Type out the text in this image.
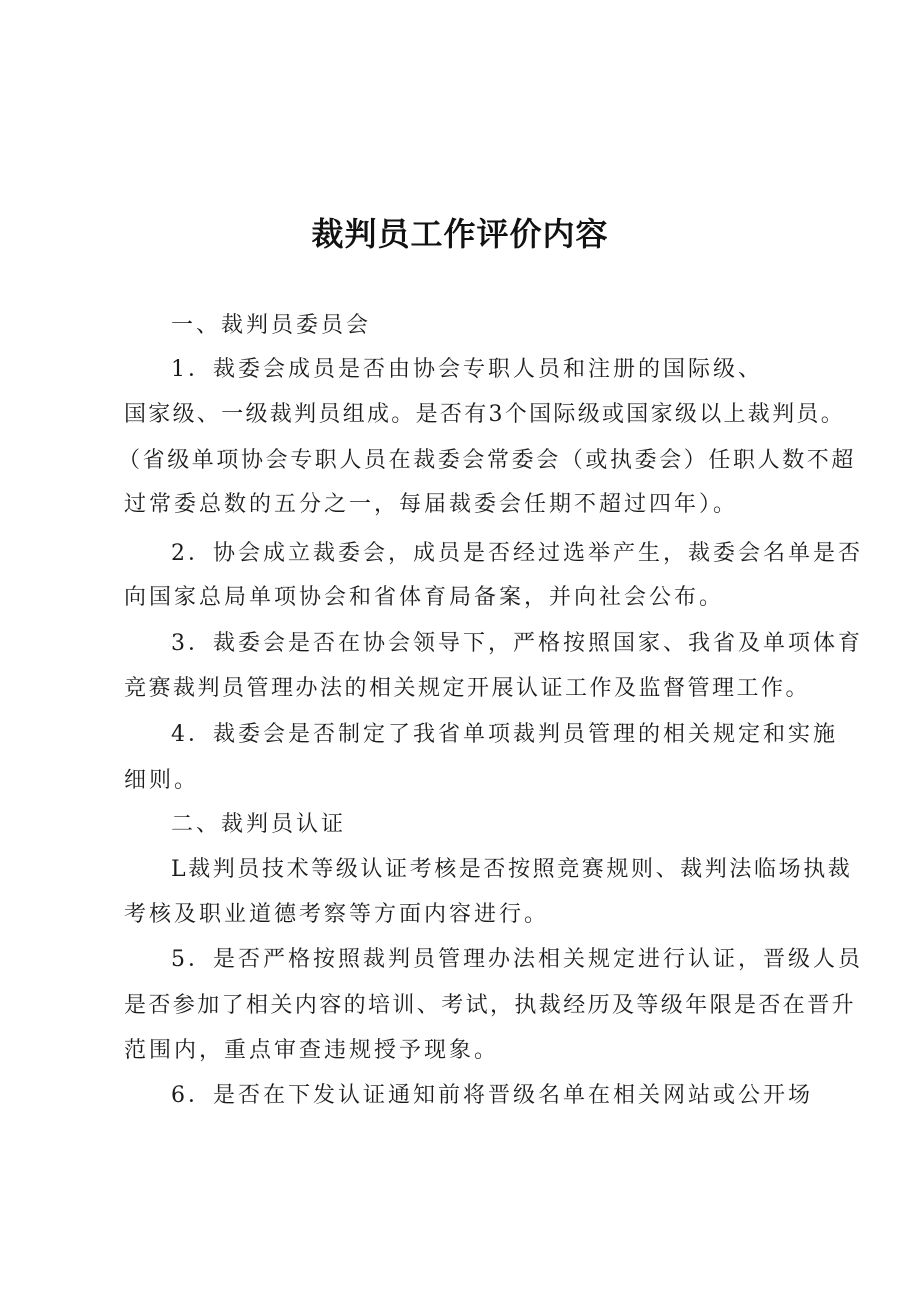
裁判员工作评价内容
一、裁判员委员会
1．裁委会成员是否由协会专职人员和注册的国际级、
国家级、一级裁判员组成。是否有3个国际级或国家级以上裁判员。
（省级单项协会专职人员在裁委会常委会（或执委会）任职人数不超
过常委总数的五分之一，每届裁委会任期不超过四年）。
2．协会成立裁委会，成员是否经过选举产生，裁委会名单是否
向国家总局单项协会和省体育局备案，并向社会公布。
3．裁委会是否在协会领导下，严格按照国家、我省及单项体育
竞赛裁判员管理办法的相关规定开展认证工作及监督管理工作。
4．裁委会是否制定了我省单项裁判员管理的相关规定和实施
细则。
二、裁判员认证
L裁判员技术等级认证考核是否按照竞赛规则、裁判法临场执裁
考核及职业道德考察等方面内容进行。
5．是否严格按照裁判员管理办法相关规定进行认证，晋级人员
是否参加了相关内容的培训、考试，执裁经历及等级年限是否在晋升
范围内，重点审查违规授予现象。
6．是否在下发认证通知前将晋级名单在相关网站或公开场
